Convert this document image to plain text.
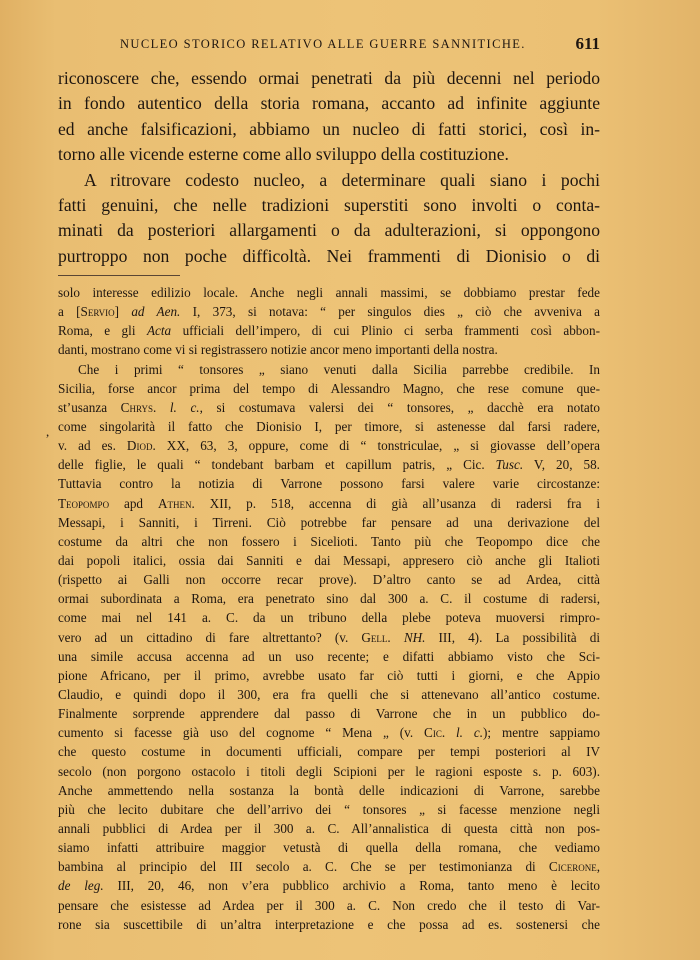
NUCLEO STORICO RELATIVO ALLE GUERRE SANNITICHE.	611
riconoscere che, essendo ormai penetrati da più decenni nel periodo
in fondo autentico della storia romana, accanto ad infinite aggiunte
ed anche falsificazioni, abbiamo un nucleo di fatti storici, così in-
torno alle vicende esterne come allo sviluppo della costituzione.
A ritrovare codesto nucleo, a determinare quali siano i pochi
fatti genuini, che nelle tradizioni superstiti sono involti o conta-
minati da posteriori allargamenti o da adulterazioni, si oppongono
purtroppo non poche difficoltà. Nei frammenti di Dionisio o di
,
solo interesse edilizio locale. Anche negli annali massimi, se dobbiamo prestar fede
a [Servio] ad Aen. I, 373, si notava: “ per singulos dies „ ciò che avveniva a
Roma, e gli Acta ufficiali dell’impero, di cui Plinio ci serba frammenti così abbon-
danti, mostrano come vi si registrassero notizie ancor meno importanti della nostra.
Che i primi “ tonsores „ siano venuti dalla Sicilia parrebbe credibile. In
Sicilia, forse ancor prima del tempo di Alessandro Magno, che rese comune que-
st’usanza Chrys. l. c., si costumava valersi dei “ tonsores, „ dacchè era notato
come singolarità il fatto che Dionisio I, per timore, si astenesse dal farsi radere,
v. ad es. Diod. XX, 63, 3, oppure, come di “ tonstriculae, „ si giovasse dell’opera
delle figlie, le quali “ tondebant barbam et capillum patris, „ Cic. Tusc. V, 20, 58.
Tuttavia contro la notizia di Varrone possono farsi valere varie circostanze:
Teopompo apd Athen. XII, p. 518, accenna di già all’usanza di radersi fra i
Messapi, i Sanniti, i Tirreni. Ciò potrebbe far pensare ad una derivazione del
costume da altri che non fossero i Sicelioti. Tanto più che Teopompo dice che
dai popoli italici, ossia dai Sanniti e dai Messapi, appresero ciò anche gli Italioti
(rispetto ai Galli non occorre recar prove). D’altro canto se ad Ardea, città
ormai subordinata a Roma, era penetrato sino dal 300 a. C. il costume di radersi,
come mai nel 141 a. C. da un tribuno della plebe poteva muoversi rimpro-
vero ad un cittadino di fare altrettanto? (v. Gell. NH. III, 4). La possibilità di
una simile accusa accenna ad un uso recente; e difatti abbiamo visto che Sci-
pione Africano, per il primo, avrebbe usato far ciò tutti i giorni, e che Appio
Claudio, e quindi dopo il 300, era fra quelli che si attenevano all’antico costume.
Finalmente sorprende apprendere dal passo di Varrone che in un pubblico do-
cumento si facesse già uso del cognome “ Mena „ (v. Cic. l. c.); mentre sappiamo
che questo costume in documenti ufficiali, compare per tempi posteriori al IV
secolo (non porgono ostacolo i titoli degli Scipioni per le ragioni esposte s. p. 603).
Anche ammettendo nella sostanza la bontà delle indicazioni di Varrone, sarebbe
più che lecito dubitare che dell’arrivo dei “ tonsores „ si facesse menzione negli
annali pubblici di Ardea per il 300 a. C. All’annalistica di questa città non pos-
siamo infatti attribuire maggior vetustà di quella della romana, che vediamo
bambina al principio del III secolo a. C. Che se per testimonianza di Cicerone,
de leg. III, 20, 46, non v’era pubblico archivio a Roma, tanto meno è lecito
pensare che esistesse ad Ardea per il 300 a. C. Non credo che il testo di Var-
rone sia suscettibile di un’altra interpretazione e che possa ad es. sostenersi che
